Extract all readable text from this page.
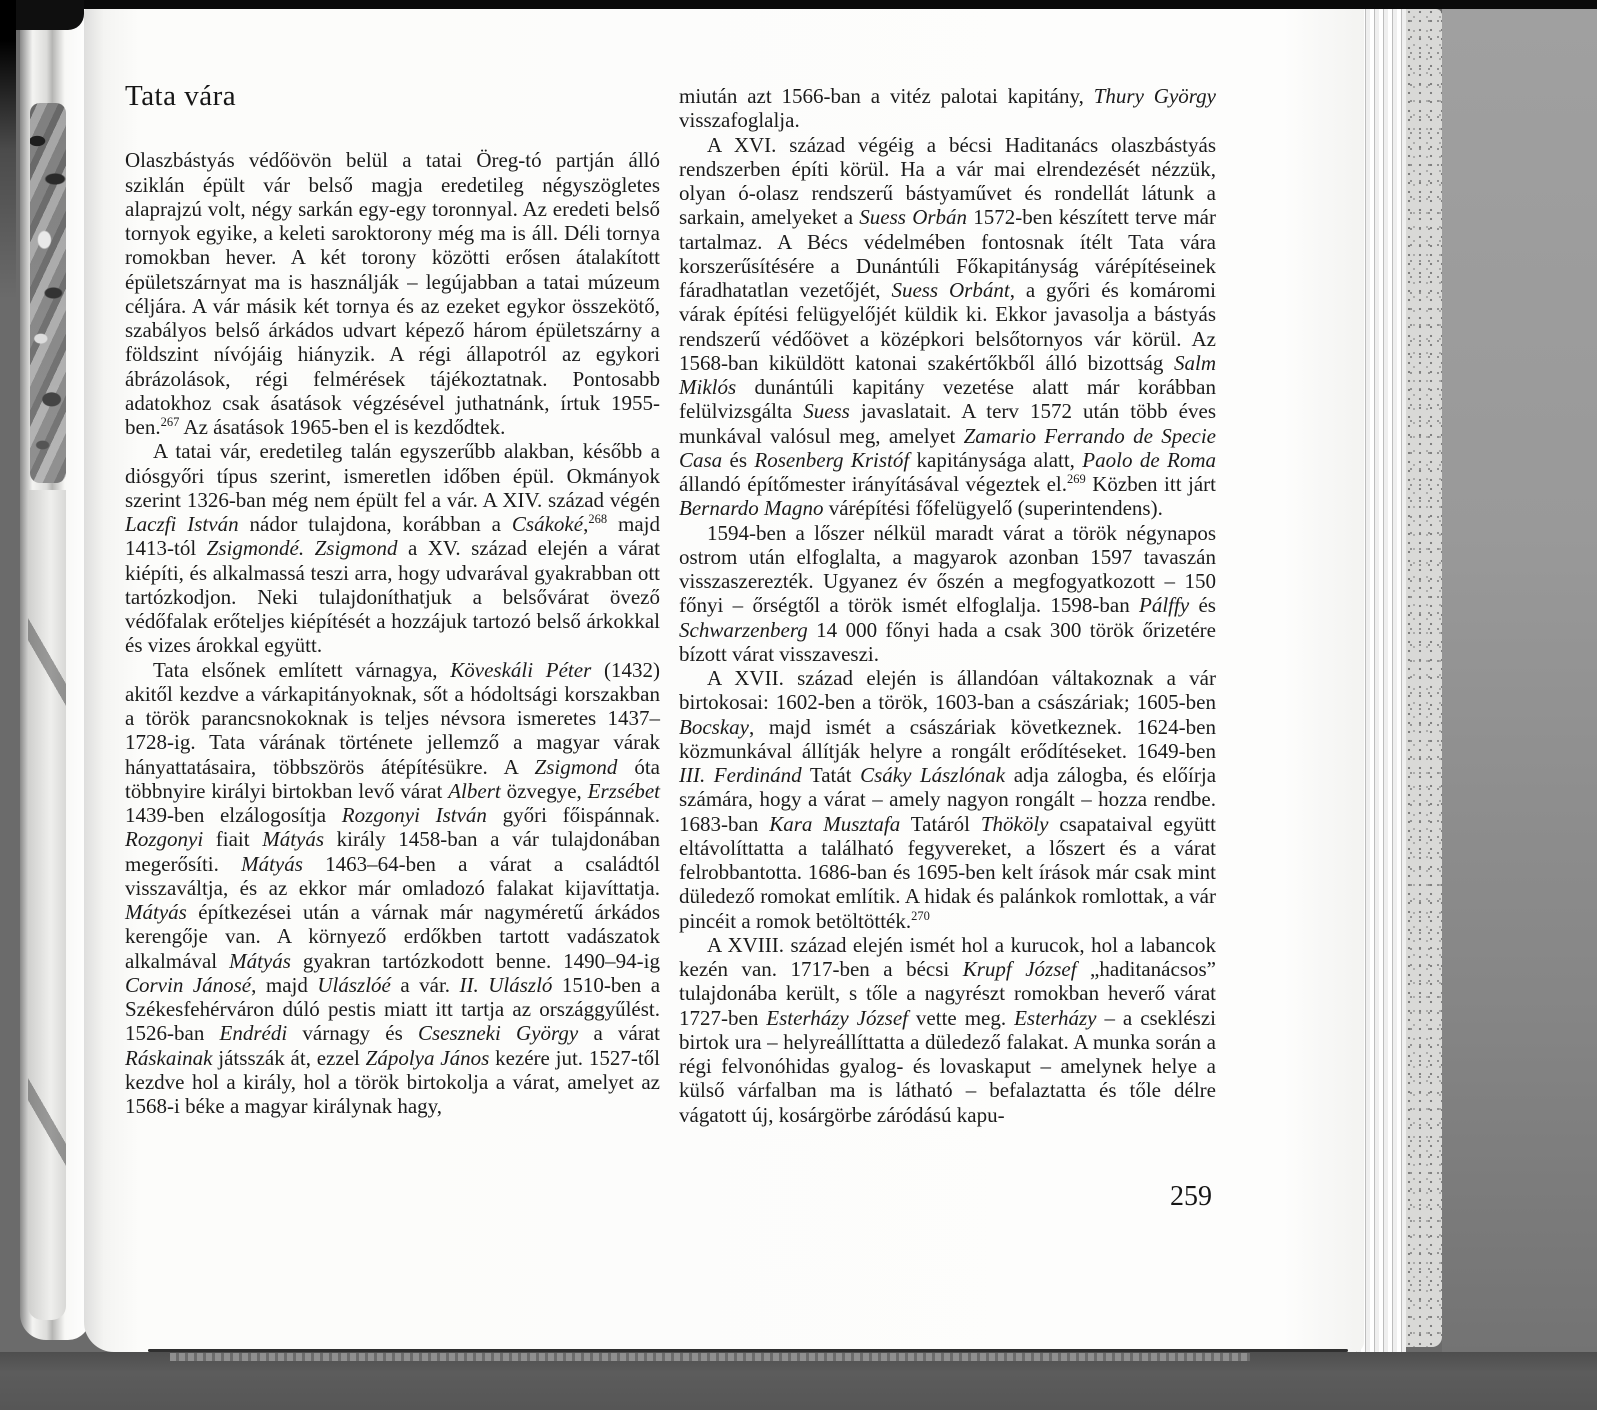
Tata vára

Olaszbástyás védőövön belül a tatai Öreg-tó partján álló sziklán épült vár belső magja eredetileg négyszögletes alaprajzú volt, négy sarkán egy-egy toronnyal. Az eredeti belső tornyok egyike, a keleti saroktorony még ma is áll. Déli tornya romokban hever. A két torony közötti erősen átalakított épületszárnyat ma is használják – legújabban a tatai múzeum céljára. A vár másik két tornya és az ezeket egykor összekötő, szabályos belső árkádos udvart képező három épületszárny a földszint nívójáig hiányzik. A régi állapotról az egykori ábrázolások, régi felmérések tájékoztatnak. Pontosabb adatokhoz csak ásatások végzésével juthatnánk, írtuk 1955-ben.$^{267}$ Az ásatások 1965-ben el is kezdődtek.

A tatai vár, eredetileg talán egyszerűbb alakban, később a diósgyőri típus szerint, ismeretlen időben épül. Okmányok szerint 1326-ban még nem épült fel a vár. A XIV. század végén Laczfi István nádor tulajdona, korábban a Csákoké,$^{268}$ majd 1413-tól Zsigmondé. Zsigmond a XV. század elején a várat kiépíti, és alkalmassá teszi arra, hogy udvarával gyakrabban ott tartózkodjon. Neki tulajdoníthatjuk a belsővárat övező védőfalak erőteljes kiépítését a hozzájuk tartozó belső árkokkal és vizes árokkal együtt.

Tata elsőnek említett várnagya, Köveskáli Péter (1432) akitől kezdve a várkapitányoknak, sőt a hódoltsági korszakban a török parancsnokoknak is teljes névsora ismeretes 1437–1728-ig. Tata várának története jellemző a magyar várak hányattatásaira, többszörös átépítésükre. A Zsigmond óta többnyire királyi birtokban levő várat Albert özvegye, Erzsébet 1439-ben elzálogosítja Rozgonyi István győri főispánnak. Rozgonyi fiait Mátyás király 1458-ban a vár tulajdonában megerősíti. Mátyás 1463–64-ben a várat a családtól visszaváltja, és az ekkor már omladozó falakat kijavíttatja. Mátyás építkezései után a várnak már nagyméretű árkádos kerengője van. A környező erdőkben tartott vadászatok alkalmával Mátyás gyakran tartózkodott benne. 1490–94-ig Corvin Jánosé, majd Ulászlóé a vár. II. Ulászló 1510-ben a Székesfehérváron dúló pestis miatt itt tartja az országgyűlést. 1526-ban Endrédi várnagy és Cseszneki György a várat Ráskainak játsszák át, ezzel Zápolya János kezére jut. 1527-től kezdve hol a király, hol a török birtokolja a várat, amelyet az 1568-i béke a magyar királynak hagy,

miután azt 1566-ban a vitéz palotai kapitány, Thury György visszafoglalja.

A XVI. század végéig a bécsi Haditanács olaszbástyás rendszerben építi körül. Ha a vár mai elrendezését nézzük, olyan ó-olasz rendszerű bástyaművet és rondellát látunk a sarkain, amelyeket a Suess Orbán 1572-ben készített terve már tartalmaz. A Bécs védelmében fontosnak ítélt Tata vára korszerűsítésére a Dunántúli Főkapitányság várépítéseinek fáradhatatlan vezetőjét, Suess Orbánt, a győri és komáromi várak építési felügyelőjét küldik ki. Ekkor javasolja a bástyás rendszerű védőövet a középkori belsőtornyos vár körül. Az 1568-ban kiküldött katonai szakértőkből álló bizottság Salm Miklós dunántúli kapitány vezetése alatt már korábban felülvizsgálta Suess javaslatait. A terv 1572 után több éves munkával valósul meg, amelyet Zamario Ferrando de Specie Casa és Rosenberg Kristóf kapitánysága alatt, Paolo de Roma állandó építőmester irányításával végeztek el.$^{269}$ Közben itt járt Bernardo Magno várépítési főfelügyelő (superintendens).

1594-ben a lőszer nélkül maradt várat a török négynapos ostrom után elfoglalta, a magyarok azonban 1597 tavaszán visszaszerezték. Ugyanez év őszén a megfogyatkozott – 150 főnyi – őrségtől a török ismét elfoglalja. 1598-ban Pálffy és Schwarzenberg 14 000 főnyi hada a csak 300 török őrizetére bízott várat visszaveszi.

A XVII. század elején is állandóan váltakoznak a vár birtokosai: 1602-ben a török, 1603-ban a császáriak; 1605-ben Bocskay, majd ismét a császáriak következnek. 1624-ben közmunkával állítják helyre a rongált erődítéseket. 1649-ben III. Ferdinánd Tatát Csáky Lászlónak adja zálogba, és előírja számára, hogy a várat – amely nagyon rongált – hozza rendbe. 1683-ban Kara Musztafa Tatáról Thököly csapataival együtt eltávolíttatta a található fegyvereket, a lőszert és a várat felrobbantotta. 1686-ban és 1695-ben kelt írások már csak mint düledező romokat említik. A hidak és palánkok romlottak, a vár pincéit a romok betöltötték.$^{270}$

A XVIII. század elején ismét hol a kurucok, hol a labancok kezén van. 1717-ben a bécsi Krupf József „haditanácsos” tulajdonába került, s tőle a nagyrészt romokban heverő várat 1727-ben Esterházy József vette meg. Esterházy – a cseklészi birtok ura – helyreállíttatta a düledező falakat. A munka során a régi felvonóhidas gyalog- és lovaskaput – amelynek helye a külső várfalban ma is látható – befalaztatta és tőle délre vágatott új, kosárgörbe záródású kapu-

259
